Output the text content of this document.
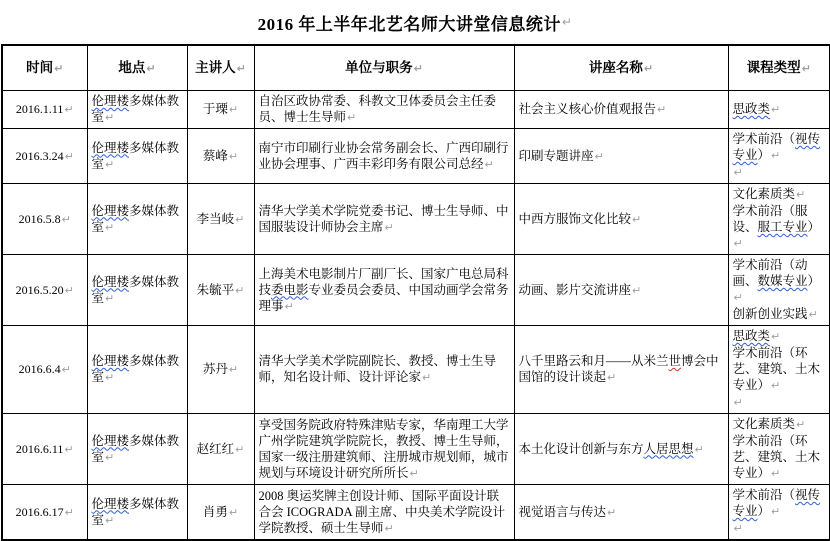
2016 年上半年北艺名师大讲堂信息统计 ↵
时间↵	地点↵	主讲人↵	单位与职务↵	讲座名称↵	课程类型↵

2016.1.11↵	伦理楼多媒体教室↵	于瑮↵	自治区政协常委、科教文卫体委员会主任委员、博士生导师↵	社会主义核心价值观报告↵	思政类↵

2016.3.24↵	伦理楼多媒体教室↵	蔡峰↵	南宁市印刷行业协会常务副会长、广西印刷行业协会理事、广西丰彩印务有限公司总经↵	印刷专题讲座↵	学术前沿（视传专业）↵
↵

2016.5.8↵	伦理楼多媒体教室↵	李当岐↵	清华大学美术学院党委书记、博士生导师、中国服装设计师协会主席↵	中西方服饰文化比较↵	文化素质类↵
学术前沿（服设、服工专业）↵

2016.5.20↵	伦理楼多媒体教室↵	朱毓平↵	上海美术电影制片厂副厂长、国家广电总局科技委电影专业委员会委员、中国动画学会常务理事↵	动画、影片交流讲座↵	学术前沿（动画、数媒专业）↵
创新创业实践↵

2016.6.4↵	伦理楼多媒体教室↵	苏丹↵	清华大学美术学院副院长、教授、博士生导师，知名设计师、设计评论家↵	八千里路云和月——从米兰世博会中国馆的设计谈起↵	思政类↵
学术前沿（环艺、建筑、土木专业）↵
↵

2016.6.11↵	伦理楼多媒体教室↵	赵红红↵	享受国务院政府特殊津贴专家，华南理工大学广州学院建筑学院院长，教授、博士生导师，国家一级注册建筑师、注册城市规划师，城市规划与环境设计研究所所长↵	本土化设计创新与东方人居思想↵	文化素质类↵
学术前沿（环艺、建筑、土木专业）↵

2016.6.17↵	伦理楼多媒体教室↵	肖勇↵	2008 奥运奖牌主创设计师、国际平面设计联合会 ICOGRADA 副主席、中央美术学院设计学院教授、硕士生导师↵	视觉语言与传达↵	学术前沿（视传专业）↵
↵
